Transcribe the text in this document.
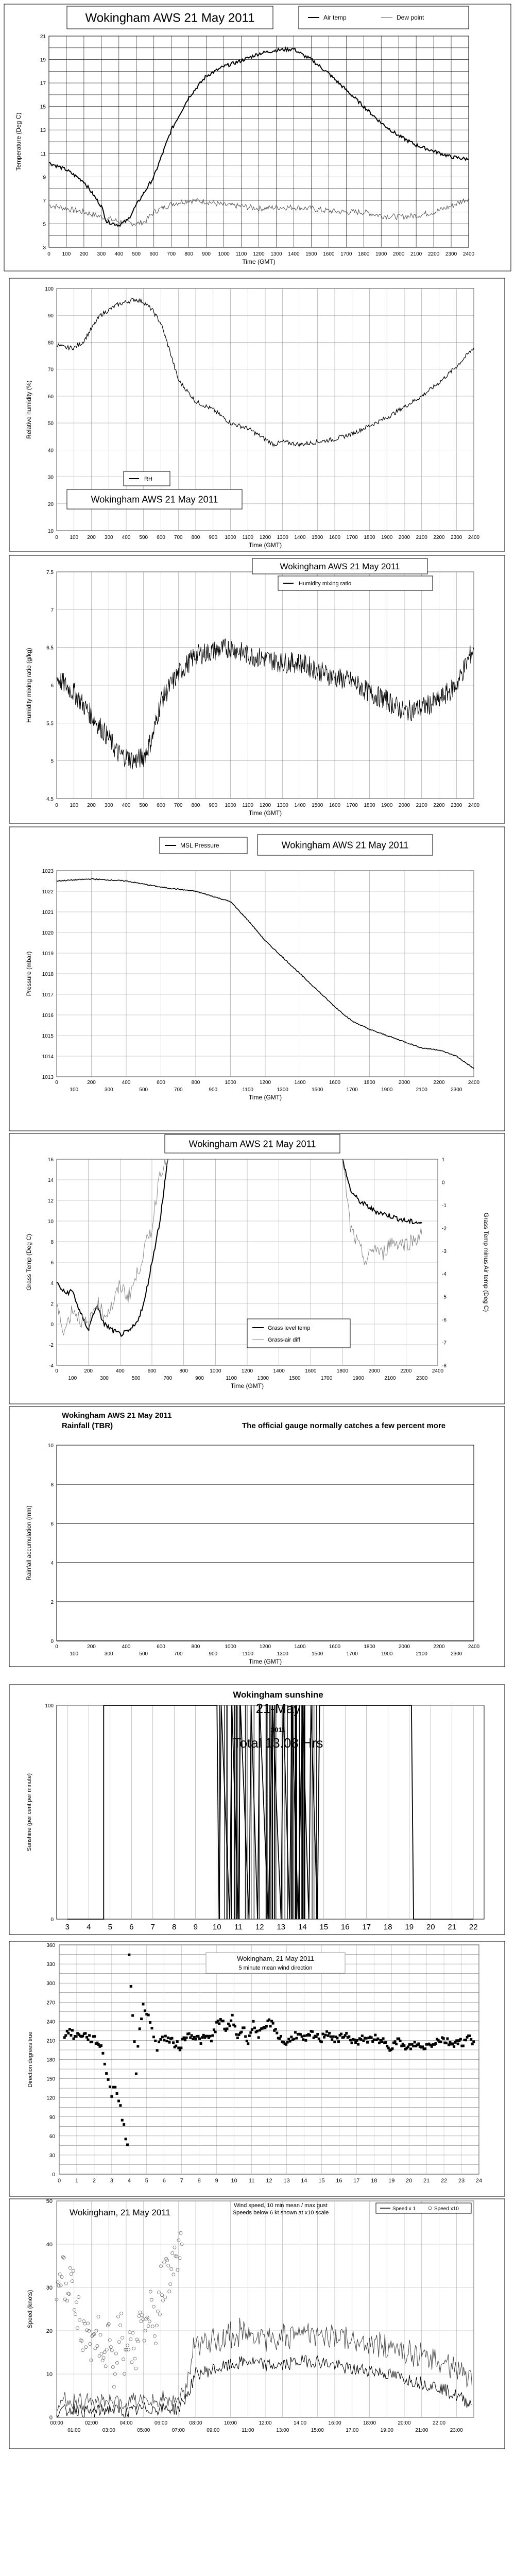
Wokingham AWS 21 May 2011	Air temp	Dew point
3
5
7
9
11
13
15
17
19
21
0 100 200 300 400 500 600 700 800 900 1000 1100 1200 1300 1400 1500 1600 1700 1800 1900 2000 2100 2200 2300 2400
Time (GMT)
Temperature (Deg C)
10
20
30
40
50
60
70
80
90
100
0 100 200 300 400 500 600 700 800 900 1000 1100 1200 1300 1400 1500 1600 1700 1800 1900 2000 2100 2200 2300 2400
Time (GMT)
Relative humidity (%)
RH
Wokingham AWS 21 May 2011
4.5
5
5.5
6
6.5
7
7.5
0 100 200 300 400 500 600 700 800 900 1000 1100 1200 1300 1400 1500 1600 1700 1800 1900 2000 2100 2200 2300 2400
Time (GMT)
Humidity mixing ratio (g/kg)
Wokingham AWS 21 May 2011
Humidity mixing ratio
1013
1014
1015
1016
1017
1018
1019
1020
1021
1022
1023
0	200	400	600	800	1000	1200	1400	1600	1800	2000	2200	2400
100	300	500	700	900	1100	1300	1500	1700	1900	2100	2300
Time (GMT)
Pressure (mbar)
MSL Pressure	Wokingham AWS 21 May 2011
-4
-2
0
2
4
6
8
10
12
14
16
-8
-7
-6
-5
-4
-3
-2
-1
0
1
0	200	400	600	800	1000	1200	1400	1600	1800	2000	2200	2400
100	300	500	700	900	1100	1300	1500	1700	1900	2100	2300
Time (GMT)
Grass Temp (Deg C)	Grass Temp minus Air temp (Deg C)
Wokingham AWS 21 May 2011
Grass level temp
Grass-air diff
0
2
4
6
8
10
0	200	400	600	800	1000	1200	1400	1600	1800	2000	2200	2400
100	300	500	700	900	1100	1300	1500	1700	1900	2100	2300
Time (GMT)
Rainfall accumulation (mm)
Wokingham AWS 21 May 2011
Rainfall (TBR)	The official gauge normally catches a few percent more
0
100
3 4 5 6 7 8 9 10 11 12 13 14 15 16 17 18 19 20 21 22
Sunshine (per cent per minute)
Wokingham sunshine
21-May
2011
Total 13.08 Hrs
0
30
60
90
120
150
180
210
240
270
300
330
360
0	1	2	3	4	5	6	7	8	9 10 11 12 13 14 15 16 17 18 19 20 21 22 23 24
Direction degrees true
Wokingham, 21 May 2011
5 minute mean wind direction
0
10
20
30
40
50
00:00	02:00	04:00	06:00	08:00	10:00	12:00	14:00	16:00	18:00	20:00	22:00
01:00	03:00	05:00	07:00	09:00	11:00	13:00	15:00	17:00	19:00	21:00	23:00
Speed (knots)
Wokingham, 21 May 2011
Wind speed, 10 min mean / max gust
Speeds below 6 kt shown at x10 scale
Speed x 1	Speed x10
